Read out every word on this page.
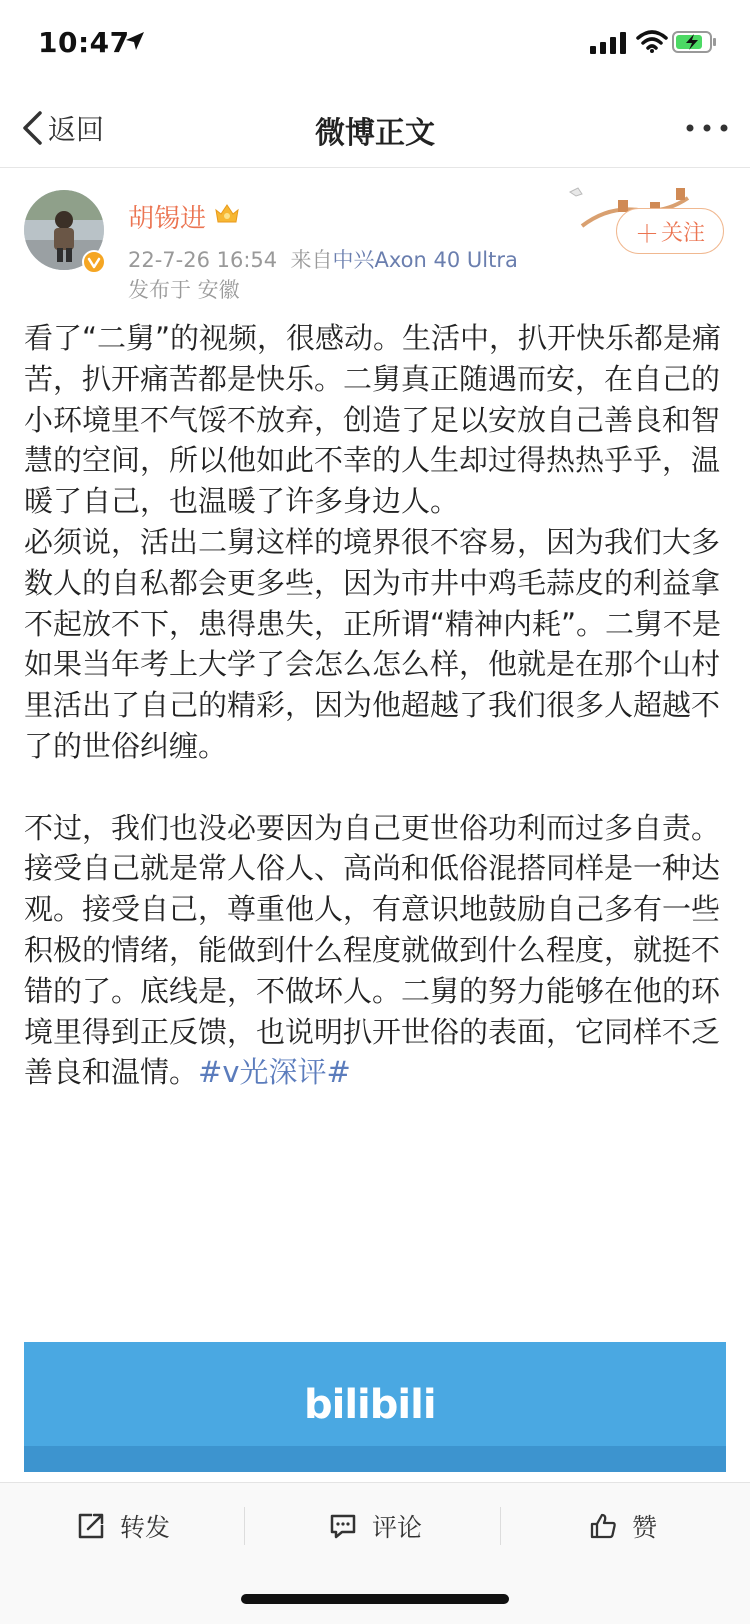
10:47
返回	微博正文
胡锡进
22-7-26 16:54 来自中兴Axon 40 Ultra
发布于 安徽
＋ 关注

看了“二舅”的视频，很感动。生活中，扒开快乐都是痛苦，扒开痛苦都是快乐。二舅真正随遇而安，在自己的小环境里不气馁不放弃，创造了足以安放自己善良和智慧的空间，所以他如此不幸的人生却过得热热乎乎，温暖了自己，也温暖了许多身边人。

必须说，活出二舅这样的境界很不容易，因为我们大多数人的自私都会更多些，因为市井中鸡毛蒜皮的利益拿不起放不下，患得患失，正所谓“精神内耗”。二舅不是如果当年考上大学了会怎么怎么样，他就是在那个山村里活出了自己的精彩，因为他超越了我们很多人超越不了的世俗纠缠。

不过，我们也没必要因为自己更世俗功利而过多自责。接受自己就是常人俗人、高尚和低俗混搭同样是一种达观。接受自己，尊重他人，有意识地鼓励自己多有一些积极的情绪，能做到什么程度就做到什么程度，就挺不错的了。底线是，不做坏人。二舅的努力能够在他的环境里得到正反馈，也说明扒开世俗的表面，它同样不乏善良和温情。#v光深评#

bilibili
转发	评论	赞
